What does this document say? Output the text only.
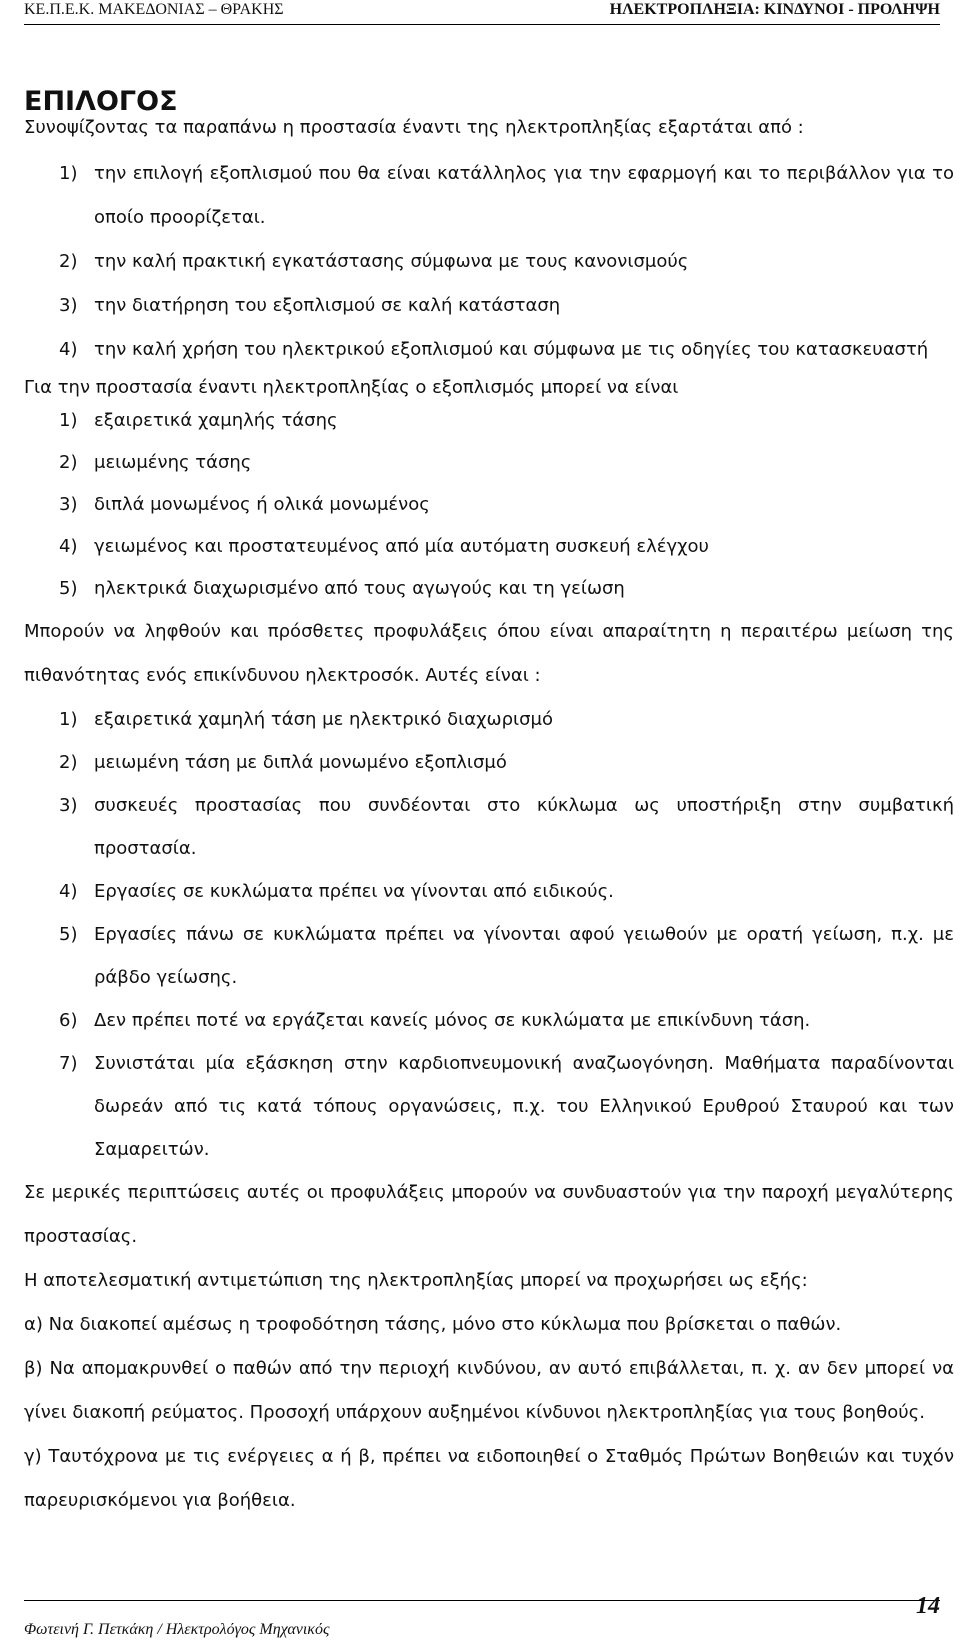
ΚΕ.Π.Ε.Κ. ΜΑΚΕΔΟΝΙΑΣ – ΘΡΑΚΗΣ	ΗΛΕΚΤΡΟΠΛΗΞΙΑ: ΚΙΝΔΥΝΟΙ - ΠΡΟΛΗΨΗ
ΕΠΙΛΟΓΟΣ

Συνοψίζοντας τα παραπάνω η προστασία έναντι της ηλεκτροπληξίας εξαρτάται από :

1) την επιλογή εξοπλισμού που θα είναι κατάλληλος για την εφαρμογή και το περιβάλλον για το οποίο προορίζεται.
2) την καλή πρακτική εγκατάστασης σύμφωνα με τους κανονισμούς
3) την διατήρηση του εξοπλισμού σε καλή κατάσταση
4) την καλή χρήση του ηλεκτρικού εξοπλισμού και σύμφωνα με τις οδηγίες του κατασκευαστή

Για την προστασία έναντι ηλεκτροπληξίας ο εξοπλισμός μπορεί να είναι

1) εξαιρετικά χαμηλής τάσης
2) μειωμένης τάσης
3) διπλά μονωμένος ή ολικά μονωμένος
4) γειωμένος και προστατευμένος από μία αυτόματη συσκευή ελέγχου
5) ηλεκτρικά διαχωρισμένο από τους αγωγούς και τη γείωση

Μπορούν να ληφθούν και πρόσθετες προφυλάξεις όπου είναι απαραίτητη η περαιτέρω μείωση της πιθανότητας ενός επικίνδυνου ηλεκτροσόκ. Αυτές είναι :

1) εξαιρετικά χαμηλή τάση με ηλεκτρικό διαχωρισμό
2) μειωμένη τάση με διπλά μονωμένο εξοπλισμό
3) συσκευές προστασίας που συνδέονται στο κύκλωμα ως υποστήριξη στην συμβατική προστασία.
4) Εργασίες σε κυκλώματα πρέπει να γίνονται από ειδικούς.
5) Εργασίες πάνω σε κυκλώματα πρέπει να γίνονται αφού γειωθούν με ορατή γείωση, π.χ. με ράβδο γείωσης.
6) Δεν πρέπει ποτέ να εργάζεται κανείς μόνος σε κυκλώματα με επικίνδυνη τάση.
7) Συνιστάται μία εξάσκηση στην καρδιοπνευμονική αναζωογόνηση. Μαθήματα παραδίνονται δωρεάν από τις κατά τόπους οργανώσεις, π.χ. του Ελληνικού Ερυθρού Σταυρού και των Σαμαρειτών.

Σε μερικές περιπτώσεις αυτές οι προφυλάξεις μπορούν να συνδυαστούν για την παροχή μεγαλύτερης προστασίας.

Η αποτελεσματική αντιμετώπιση της ηλεκτροπληξίας μπορεί να προχωρήσει ως εξής:

α) Να διακοπεί αμέσως η τροφοδότηση τάσης, μόνο στο κύκλωμα που βρίσκεται ο παθών.

β) Να απομακρυνθεί ο παθών από την περιοχή κινδύνου, αν αυτό επιβάλλεται, π. χ. αν δεν μπορεί να γίνει διακοπή ρεύματος. Προσοχή υπάρχουν αυξημένοι κίνδυνοι ηλεκτροπληξίας για τους βοηθούς.

γ) Ταυτόχρονα με τις ενέργειες α ή β, πρέπει να ειδοποιηθεί ο Σταθμός Πρώτων Βοηθειών και τυχόν παρευρισκόμενοι για βοήθεια.

Φωτεινή Γ. Πετκάκη / Ηλεκτρολόγος Μηχανικός
14
